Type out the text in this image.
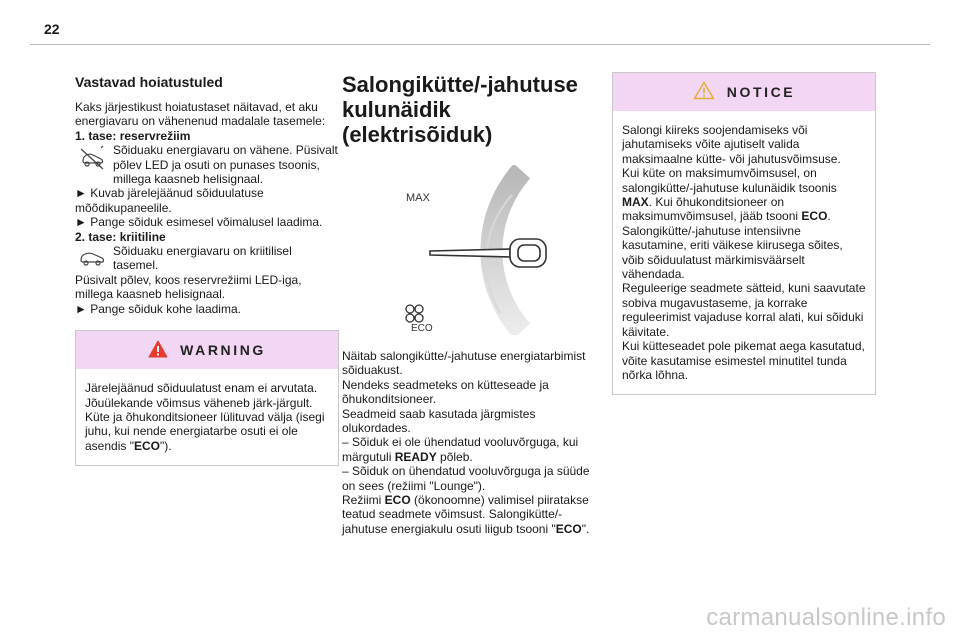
22
Vastavad hoiatustuled

Kaks järjestikust hoiatustaset näitavad, et aku energiavaru on vähenenud madalale tasemele:

1. tase: reservrežiim

Sõiduaku energiavaru on vähene. Püsivalt põlev LED ja osuti on punases tsoonis, millega kaasneb helisignaal.

► Kuvab järelejäänud sõiduulatuse mõõdikupaneelile.

► Pange sõiduk esimesel võimalusel laadima.

2. tase: kriitiline

Sõiduaku energiavaru on kriitilisel tasemel.

Püsivalt põlev, koos reservrežiimi LED-iga, millega kaasneb helisignaal.

► Pange sõiduk kohe laadima.

WARNING

Järelejäänud sõiduulatust enam ei arvutata. Jõuülekande võimsus väheneb järk-järgult. Küte ja õhukonditsioneer lülituvad välja (isegi juhu, kui nende energiatarbe osuti ei ole asendis "ECO").

Salongikütte/-jahutuse kulunäidik (elektrisõiduk)
MAX
ECO

Näitab salongikütte/-jahutuse energiatarbimist sõiduakust.

Nendeks seadmeteks on kütteseade ja õhukonditsioneer.

Seadmeid saab kasutada järgmistes olukordades.

– Sõiduk ei ole ühendatud vooluvõrguga, kui märgutuli READY põleb.

– Sõiduk on ühendatud vooluvõrguga ja süüde on sees (režiimi "Lounge").

Režiimi ECO (ökonoomne) valimisel piiratakse teatud seadmete võimsust. Salongikütte/-jahutuse energiakulu osuti liigub tsooni "ECO".

NOTICE

Salongi kiireks soojendamiseks või jahutamiseks võite ajutiselt valida maksimaalne kütte- või jahutusvõimsuse.

Kui küte on maksimumvõimsusel, on salongikütte/-jahutuse kulunäidik tsoonis MAX. Kui õhukonditsioneer on maksimumvõimsusel, jääb tsooni ECO.

Salongikütte/-jahutuse intensiivne kasutamine, eriti väikese kiirusega sõites, võib sõiduulatust märkimisväärselt vähendada.

Reguleerige seadmete sätteid, kuni saavutate sobiva mugavustaseme, ja korrake reguleerimist vajaduse korral alati, kui sõiduki käivitate.

Kui kütteseadet pole pikemat aega kasutatud, võite kasutamise esimestel minutitel tunda nõrka lõhna.

carmanualsonline.info
